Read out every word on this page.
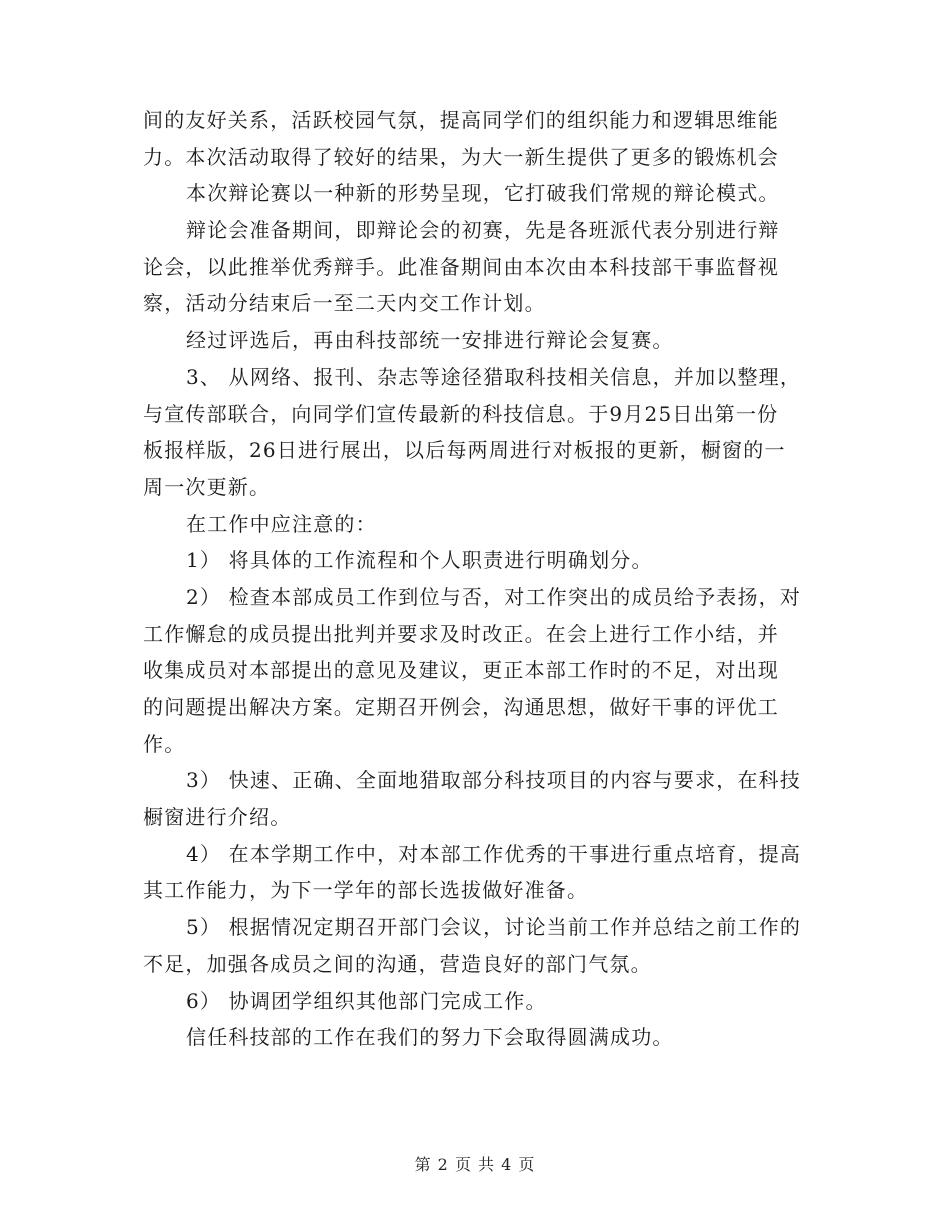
间的友好关系，活跃校园气氛，提高同学们的组织能力和逻辑思维能
力。本次活动取得了较好的结果，为大一新生提供了更多的锻炼机会
本次辩论赛以一种新的形势呈现，它打破我们常规的辩论模式。
辩论会准备期间，即辩论会的初赛，先是各班派代表分别进行辩
论会，以此推举优秀辩手。此准备期间由本次由本科技部干事监督视
察，活动分结束后一至二天内交工作计划。
经过评选后，再由科技部统一安排进行辩论会复赛。
3、 从网络、报刊、杂志等途径猎取科技相关信息，并加以整理，
与宣传部联合，向同学们宣传最新的科技信息。于9月25日出第一份
板报样版，26日进行展出，以后每两周进行对板报的更新，橱窗的一
周一次更新。
在工作中应注意的：
1） 将具体的工作流程和个人职责进行明确划分。
2） 检查本部成员工作到位与否，对工作突出的成员给予表扬，对
工作懈怠的成员提出批判并要求及时改正。在会上进行工作小结，并
收集成员对本部提出的意见及建议，更正本部工作时的不足，对出现
的问题提出解决方案。定期召开例会，沟通思想，做好干事的评优工
作。
3） 快速、正确、全面地猎取部分科技项目的内容与要求，在科技
橱窗进行介绍。
4） 在本学期工作中，对本部工作优秀的干事进行重点培育，提高
其工作能力，为下一学年的部长选拔做好准备。
5） 根据情况定期召开部门会议，讨论当前工作并总结之前工作的
不足，加强各成员之间的沟通，营造良好的部门气氛。
6） 协调团学组织其他部门完成工作。
信任科技部的工作在我们的努力下会取得圆满成功。
第 2 页 共 4 页
